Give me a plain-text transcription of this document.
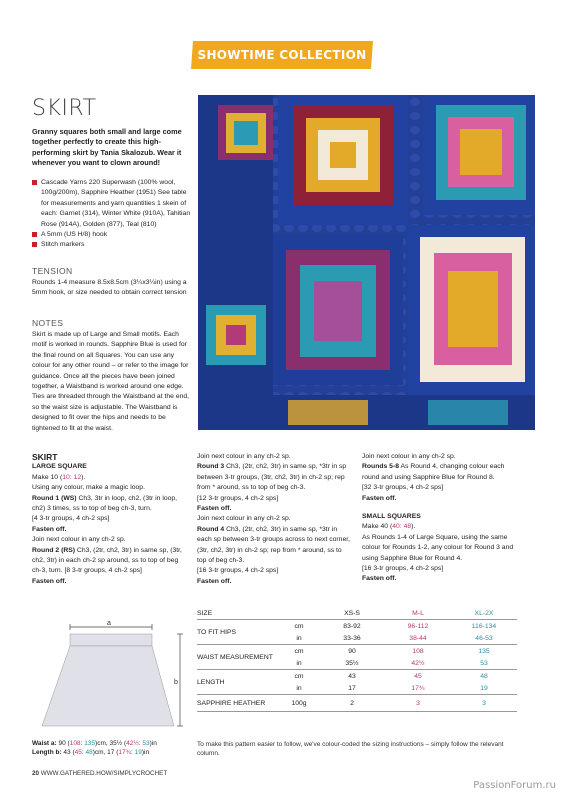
SHOWTIME COLLECTION
SKIRT
Granny squares both small and large come together perfectly to create this high-performing skirt by Tania Skalozub. Wear it whenever you want to clown around!
Cascade Yarns 220 Superwash (100% wool, 100g/200m), Sapphire Heather (1951) See table for measurements and yarn quantities 1 skein of each: Garnet (314), Winter White (910A), Tahitian Rose (914A), Golden (877), Teal (810)
A 5mm (US H/8) hook
Stitch markers
TENSION
Rounds 1-4 measure 8.5x8.5cm (3¼x3¼in) using a 5mm hook, or size needed to obtain correct tension
NOTES
Skirt is made up of Large and Small motifs. Each motif is worked in rounds. Sapphire Blue is used for the final round on all Squares. You can use any colour for any other round – or refer to the image for guidance. Once all the pieces have been joined together, a Waistband is worked around one edge. Ties are threaded through the Waistband at the end, so the waist size is adjustable. The Waistband is designed to fit over the hips and needs to be tightened to fit at the waist.

SKIRT

LARGE SQUARE

Make 10 (10: 12).

Using any colour, make a magic loop.

Round 1 (WS) Ch3, 3tr in loop, ch2, (3tr in loop, ch2) 3 times, ss to top of beg ch-3, turn.

[4 3-tr groups, 4 ch-2 sps]

Fasten off.

Join next colour in any ch-2 sp.

Round 2 (RS) Ch3, (2tr, ch2, 3tr) in same sp, (3tr, ch2, 3tr) in each ch-2 sp around, ss to top of beg ch-3, turn. [8 3-tr groups, 4 ch-2 sps]

Fasten off.

Join next colour in any ch-2 sp.

Round 3 Ch3, (2tr, ch2, 3tr) in same sp, *3tr in sp between 3-tr groups, (3tr, ch2, 3tr) in ch-2 sp; rep from * around, ss to top of beg ch-3.

[12 3-tr groups, 4 ch-2 sps]

Fasten off.

Join next colour in any ch-2 sp.

Round 4 Ch3, (2tr, ch2, 3tr) in same sp, *3tr in each sp between 3-tr groups across to next corner, (3tr, ch2, 3tr) in ch-2 sp; rep from * around, ss to top of beg ch-3.

[16 3-tr groups, 4 ch-2 sps]

Fasten off.

Join next colour in any ch-2 sp.

Rounds 5-8 As Round 4, changing colour each round and using Sapphire Blue for Round 8.

[32 3-tr groups, 4 ch-2 sps]

Fasten off.

SMALL SQUARES

Make 40 (40: 48).

As Rounds 1-4 of Large Square, using the same colour for Rounds 1-2, any colour for Round 3 and using Sapphire Blue for Round 4.

[16 3-tr groups, 4 ch-2 sps]

Fasten off.

a
b
Waist a: 90 (108: 135)cm, 35½ (42½: 53)in
Length b: 43 (45: 48)cm, 17 (17¾: 19)in
SIZE		XS-S	M-L	XL-2X
TO FIT HIPS	cm	83-92	96-112	116-134
	in	33-36	38-44	46-53
WAIST MEASUREMENT	cm	90	108	135
	in	35½	42½	53
LENGTH	cm	43	45	48
	in	17	17¾	19
SAPPHIRE HEATHER	100g	2	3	3
To make this pattern easier to follow, we've colour-coded the sizing instructions – simply follow the relevant column.
20 WWW.GATHERED.HOW/SIMPLYCROCHET
PassionForum.ru
